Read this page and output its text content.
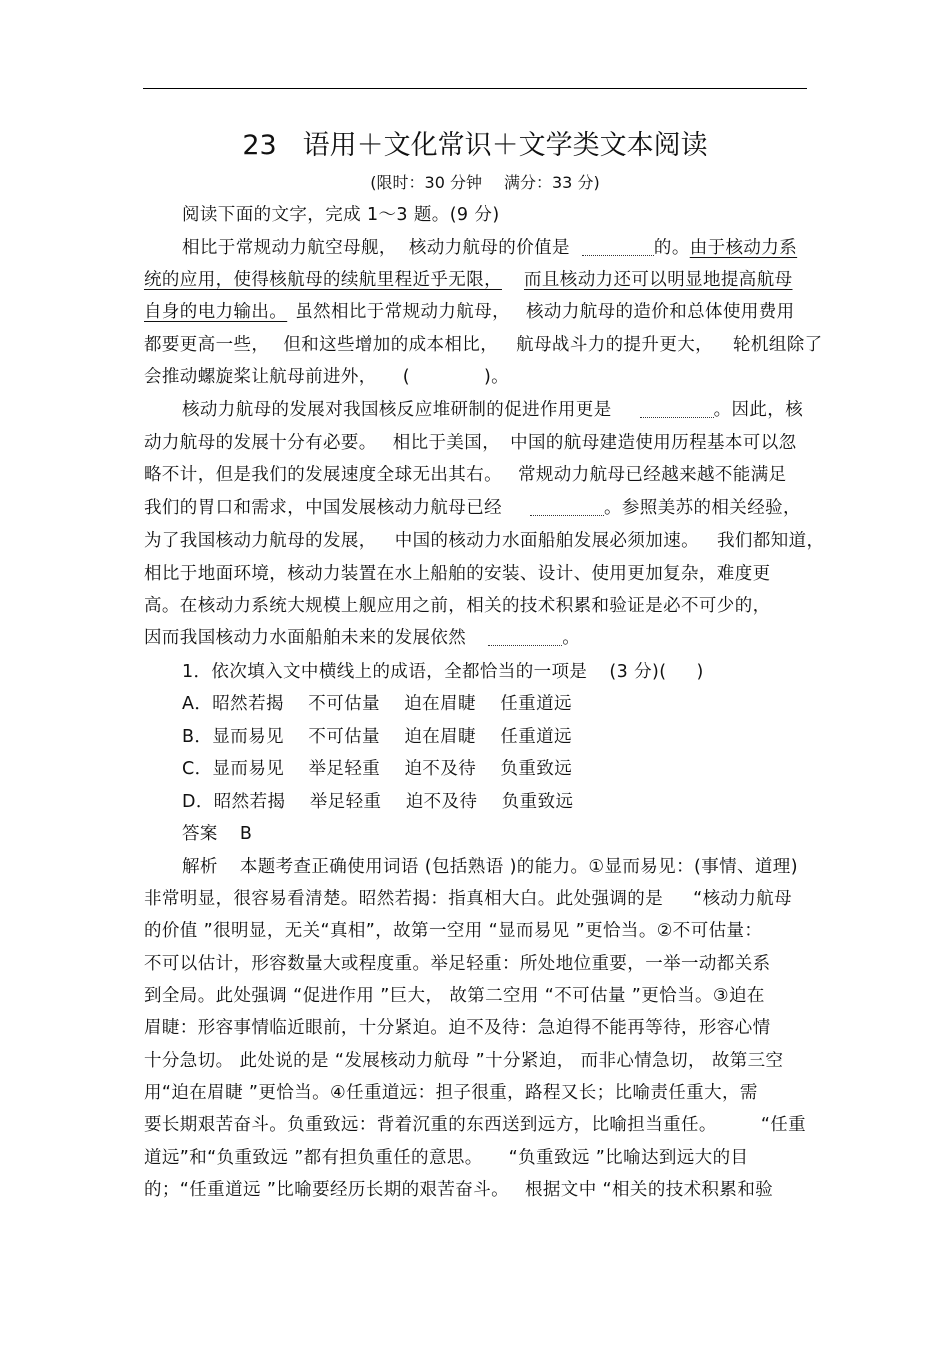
23 语用＋文化常识＋文学类文本阅读
(限时：30 分钟 满分：33 分)
阅读下面的文字，完成 1～3 题。(9 分)
相比于常规动力航空母舰， 核动力航母的价值是	的。由于核动力系
统的应用，使得核航母的续航里程近乎无限， 而且核动力还可以明显地提高航母
自身的电力输出。 虽然相比于常规动力航母， 核动力航母的造价和总体使用费用
都要更高一些， 但和这些增加的成本相比， 航母战斗力的提升更大， 轮机组除了
会推动螺旋桨让航母前进外， (	)。
核动力航母的发展对我国核反应堆研制的促进作用更是	。因此，核
动力航母的发展十分有必要。 相比于美国， 中国的航母建造使用历程基本可以忽
略不计，但是我们的发展速度全球无出其右。 常规动力航母已经越来越不能满足
我们的胃口和需求，中国发展核动力航母已经	。参照美苏的相关经验，
为了我国核动力航母的发展， 中国的核动力水面船舶发展必须加速。 我们都知道，
相比于地面环境，核动力装置在水上船舶的安装、设计、使用更加复杂，难度更
高。在核动力系统大规模上舰应用之前，相关的技术积累和验证是必不可少的，
因而我国核动力水面船舶未来的发展依然	。
1．依次填入文中横线上的成语，全都恰当的一项是 (3 分)( )
A．昭然若揭 不可估量 迫在眉睫 任重道远
B．显而易见 不可估量 迫在眉睫 任重道远
C．显而易见 举足轻重 迫不及待 负重致远
D．昭然若揭 举足轻重 迫不及待 负重致远
答案 B
解析 本题考查正确使用词语 (包括熟语 )的能力。①显而易见：(事情、道理)
非常明显，很容易看清楚。昭然若揭：指真相大白。此处强调的是 “核动力航母
的价值 ”很明显，无关“真相”，故第一空用 “显而易见 ”更恰当。②不可估量：
不可以估计，形容数量大或程度重。举足轻重：所处地位重要，一举一动都关系
到全局。此处强调 “促进作用 ”巨大， 故第二空用 “不可估量 ”更恰当。③迫在
眉睫：形容事情临近眼前，十分紧迫。迫不及待：急迫得不能再等待，形容心情
十分急切。 此处说的是 “发展核动力航母 ”十分紧迫， 而非心情急切， 故第三空
用“迫在眉睫 ”更恰当。④任重道远：担子很重，路程又长；比喻责任重大，需
要长期艰苦奋斗。负重致远：背着沉重的东西送到远方，比喻担当重任。	“任重
道远”和“负重致远 ”都有担负重任的意思。 “负重致远 ”比喻达到远大的目
的；“任重道远 ”比喻要经历长期的艰苦奋斗。 根据文中 “相关的技术积累和验
